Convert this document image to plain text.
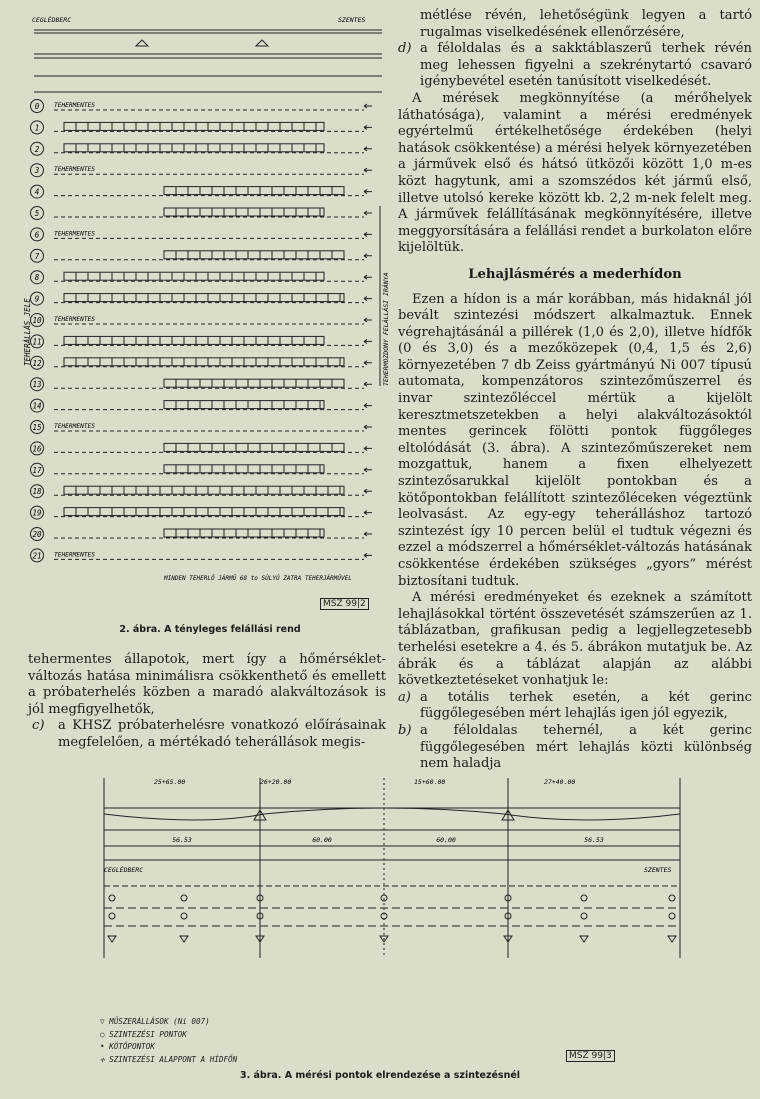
CEGLÉDBERC	SZENTES
TEHERÁLLÁS JELE	TEHERMOZDONY FELÁLLÁSI IRÁNYA
0 TEHERMENTES
1
2
3 TEHERMENTES
4
5
6 TEHERMENTES
7
8
9
10 TEHERMENTES
11
12
13
14
15 TEHERMENTES
16
17
18
19
20
21 TEHERMENTES
MINDEN TEHERLŐ JÁRMŰ 68 to SÚLYÚ ZATRA TEHERJÁRMŰVEL
MSZ 99|2
2. ábra. A tényleges felállási rend

tehermentes állapotok, mert így a hőmérsékletváltozás hatása minimálisra csökkenthető és emellett a próbaterhelés közben a maradó alakváltozások is jól megfigyelhetők,

c) a KHSZ próbaterhelésre vonatkozó előírásainak megfelelően, a mértékadó teherállások megis-

métlése révén, lehetőségünk legyen a tartó rugalmas viselkedésének ellenőrzésére,

d) a féloldalas és a sakktáblaszerű terhek révén meg lehessen figyelni a szekrénytartó csavaró igénybevétel esetén tanúsított viselkedését.

A mérések megkönnyítése (a mérőhelyek láthatósága), valamint a mérési eredmények egyértelmű értékelhetősége érdekében (helyi hatások csökkentése) a mérési helyek környezetében a járművek első és hátsó ütközői között 1,0 m-es közt hagytunk, ami a szomszédos két jármű első, illetve utolsó kereke között kb. 2,2 m-nek felelt meg. A járművek felállításának megkönnyítésére, illetve meggyorsítására a felállási rendet a burkolaton előre kijelöltük.

Lehajlásmérés a mederhídon

Ezen a hídon is a már korábban, más hidaknál jól bevált szintezési módszert alkalmaztuk. Ennek végrehajtásánál a pillérek (1,0 és 2,0), illetve hídfők (0 és 3,0) és a mezőközepek (0,4, 1,5 és 2,6) környezetében 7 db Zeiss gyártmányú Ni 007 típusú automata, kompenzátoros szintezőműszerrel és invar szintezőléccel mértük a kijelölt keresztmetszetekben a helyi alakváltozásoktól mentes gerincek fölötti pontok függőleges eltolódását (3. ábra). A szintezőműszereket nem mozgattuk, hanem a fixen elhelyezett szintezősarukkal kijelölt pontokban és a kötőpontokban felállított szintezőléceken végeztünk leolvasást. Az egy-egy teherálláshoz tartozó szintezést így 10 percen belül el tudtuk végezni és ezzel a módszerrel a hőmérséklet-változás hatásának csökkentése érdekében szükséges „gyors” mérést biztosítani tudtuk.

A mérési eredményeket és ezeknek a számított lehajlásokkal történt összevetését számszerűen az 1. táblázatban, grafikusan pedig a legjellegzetesebb terhelési esetekre a 4. és 5. ábrákon mutatjuk be. Az ábrák és a táblázat alapján az alábbi következtetéseket vonhatjuk le:

a) a totális terhek esetén, a két gerinc függőlegesében mért lehajlás igen jól egyezik,
b) a féloldalas tehernél, a két gerinc függőlegesében mért lehajlás közti különbség nem haladja
CEGLÉDBERC	SZENTES
56.53	60.00	60.00	56.53
25+65.00	26+20.00	15+60.00	27+40.00
▽ MŰSZERÁLLÁSOK (Ni 007)
○ SZINTEZÉSI PONTOK
• KÖTŐPONTOK
✢ SZINTEZÉSI ALAPPONT A HÍDFŐN	MSZ 99|3
3. ábra. A mérési pontok elrendezése a szintezésnél
